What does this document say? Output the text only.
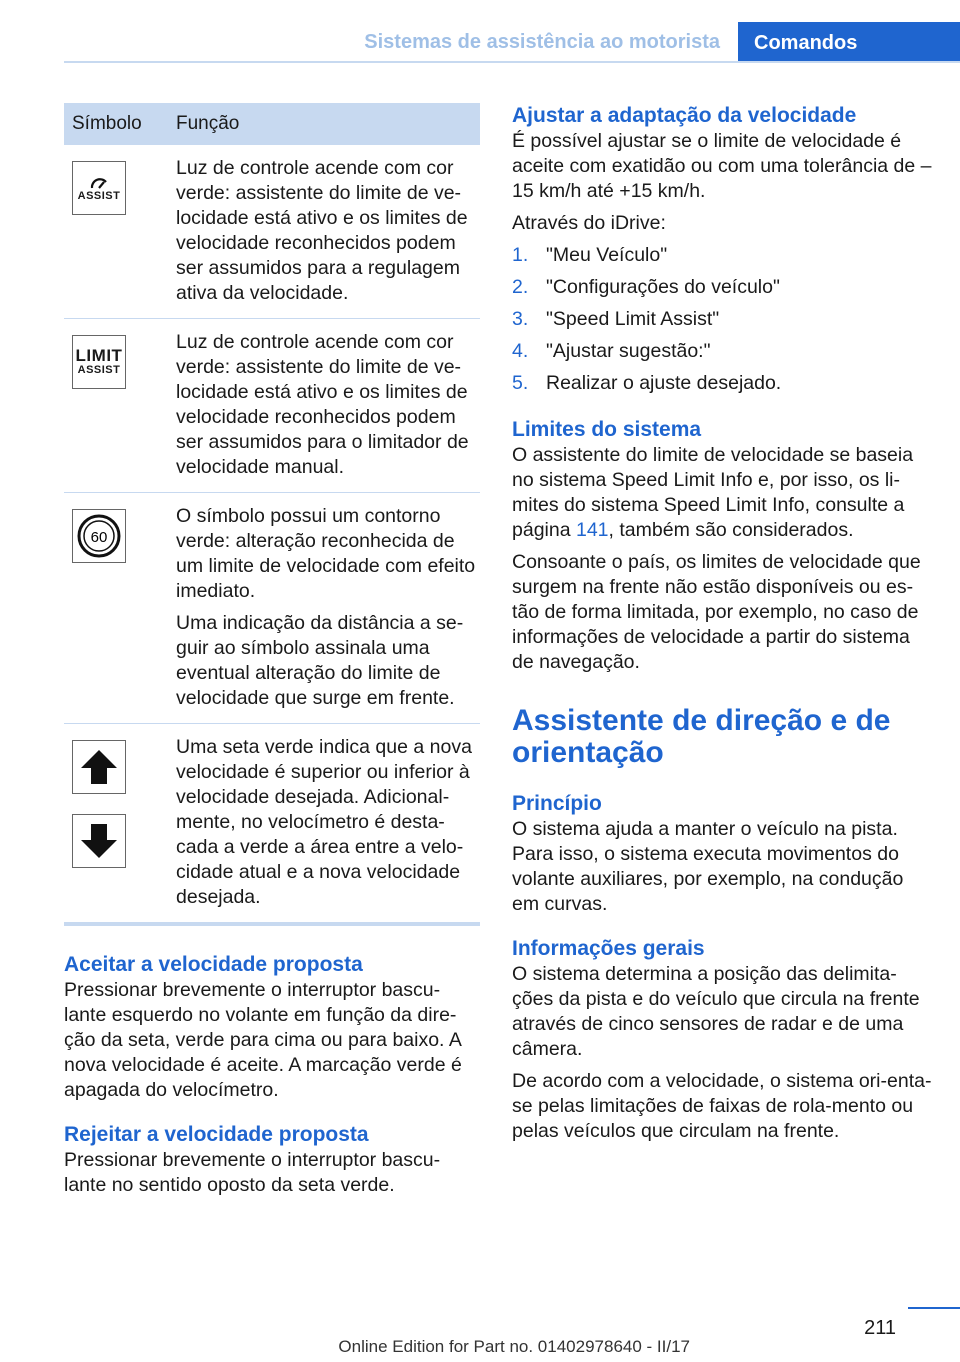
Sistemas de assistência ao motorista	Comandos
Símbolo	Função

ASSIST	Luz de controle acende com cor verde: assistente do limite de ve-locidade está ativo e os limites de velocidade reconhecidos podem ser assumidos para a regulagem ativa da velocidade.

LIMIT
ASSIST	Luz de controle acende com cor verde: assistente do limite de ve-locidade está ativo e os limites de velocidade reconhecidos podem ser assumidos para o limitador de velocidade manual.

60	O símbolo possui um contorno verde: alteração reconhecida de um limite de velocidade com efeito imediato.

Uma indicação da distância a se-guir ao símbolo assinala uma eventual alteração do limite de velocidade que surge em frente.

Uma seta verde indica que a nova velocidade é superior ou inferior à velocidade desejada. Adicional-mente, no velocímetro é desta-cada a verde a área entre a velo-cidade atual e a nova velocidade desejada.

Aceitar a velocidade proposta

Pressionar brevemente o interruptor bascu-lante esquerdo no volante em função da dire-ção da seta, verde para cima ou para baixo. A nova velocidade é aceite. A marcação verde é apagada do velocímetro.

Rejeitar a velocidade proposta

Pressionar brevemente o interruptor bascu-lante no sentido oposto da seta verde.

Ajustar a adaptação da velocidade

É possível ajustar se o limite de velocidade é aceite com exatidão ou com uma tolerância de –15 km/h até +15 km/h.

Através do iDrive:

1. "Meu Veículo"
2. "Configurações do veículo"
3. "Speed Limit Assist"
4. "Ajustar sugestão:"
5. Realizar o ajuste desejado.
Limites do sistema

O assistente do limite de velocidade se baseia no sistema Speed Limit Info e, por isso, os li-mites do sistema Speed Limit Info, consulte a página 141, também são considerados.

Consoante o país, os limites de velocidade que surgem na frente não estão disponíveis ou es-tão de forma limitada, por exemplo, no caso de informações de velocidade a partir do sistema de navegação.

Assistente de direção e de orientação
Princípio

O sistema ajuda a manter o veículo na pista. Para isso, o sistema executa movimentos do volante auxiliares, por exemplo, na condução em curvas.

Informações gerais

O sistema determina a posição das delimita-ções da pista e do veículo que circula na frente através de cinco sensores de radar e de uma câmera.

De acordo com a velocidade, o sistema ori-enta-se pelas limitações de faixas de rola-mento ou pelas veículos que circulam na frente.

211
Online Edition for Part no. 01402978640 - II/17
